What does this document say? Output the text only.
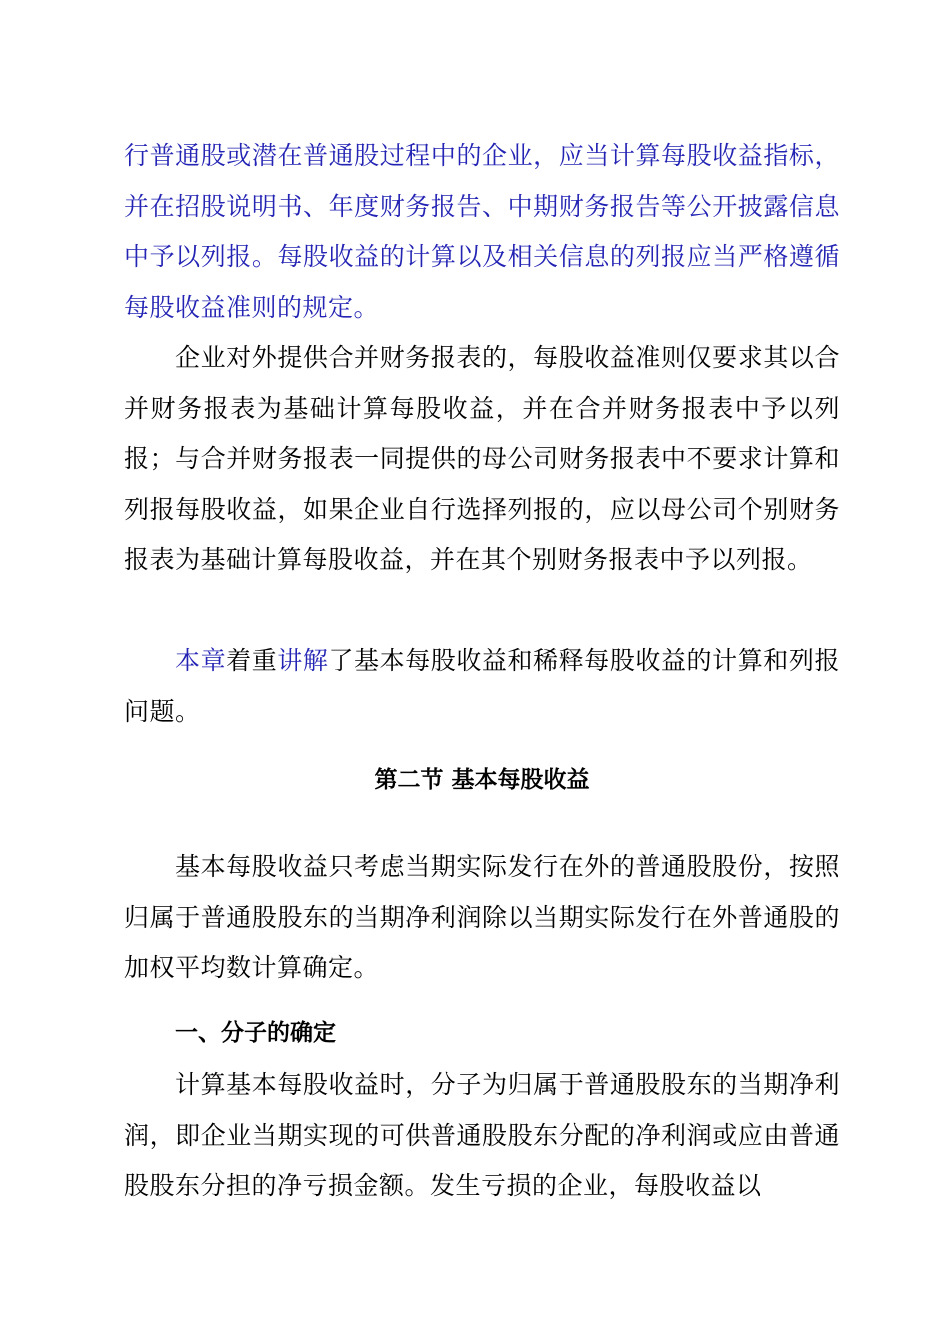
行普通股或潜在普通股过程中的企业，应当计算每股收益指标，并在招股说明书、年度财务报告、中期财务报告等公开披露信息中予以列报。每股收益的计算以及相关信息的列报应当严格遵循每股收益准则的规定。

企业对外提供合并财务报表的，每股收益准则仅要求其以合并财务报表为基础计算每股收益，并在合并财务报表中予以列报；与合并财务报表一同提供的母公司财务报表中不要求计算和列报每股收益，如果企业自行选择列报的，应以母公司个别财务报表为基础计算每股收益，并在其个别财务报表中予以列报。

本章着重讲解了基本每股收益和稀释每股收益的计算和列报问题。

第二节 基本每股收益

基本每股收益只考虑当期实际发行在外的普通股股份，按照归属于普通股股东的当期净利润除以当期实际发行在外普通股的加权平均数计算确定。

一、分子的确定

计算基本每股收益时，分子为归属于普通股股东的当期净利润，即企业当期实现的可供普通股股东分配的净利润或应由普通股股东分担的净亏损金额。发生亏损的企业，每股收益以
